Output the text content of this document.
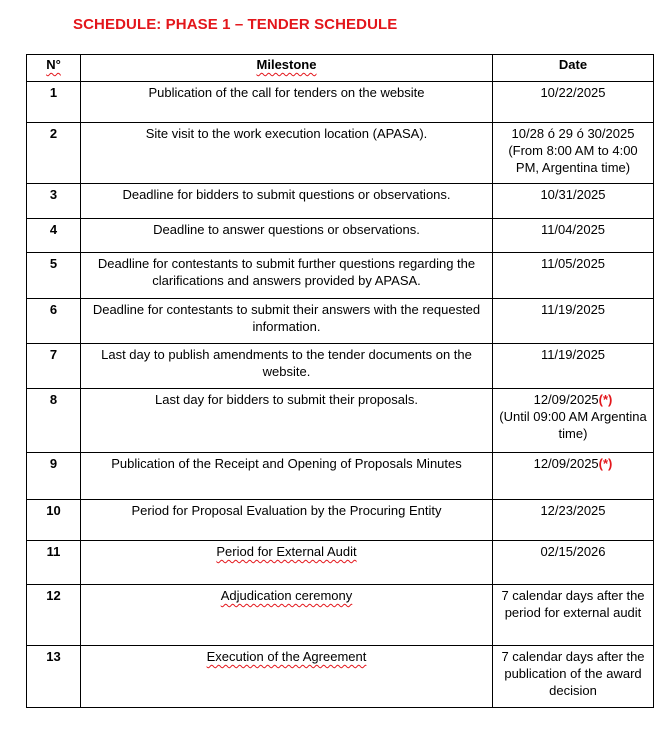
SCHEDULE: PHASE 1 – TENDER SCHEDULE
N°	Milestone	Date
1	Publication of the call for tenders on the website	10/22/2025
2	Site visit to the work execution location (APASA).	10/28 ó 29 ó 30/2025
(From 8:00 AM to 4:00 PM, Argentina time)

3	Deadline for bidders to submit questions or observations.	10/31/2025
4	Deadline to answer questions or observations.	11/04/2025
5	Deadline for contestants to submit further questions regarding the clarifications and answers provided by APASA.	11/05/2025
6	Deadline for contestants to submit their answers with the requested information.	11/19/2025
7	Last day to publish amendments to the tender documents on the website.	11/19/2025
8	Last day for bidders to submit their proposals.	12/09/2025(*)
(Until 09:00 AM Argentina time)

9	Publication of the Receipt and Opening of Proposals Minutes	12/09/2025(*)
10	Period for Proposal Evaluation by the Procuring Entity	12/23/2025
11	Period for External Audit	02/15/2026
12	Adjudication ceremony	7 calendar days after the period for external audit
13	Execution of the Agreement	7 calendar days after the publication of the award decision
